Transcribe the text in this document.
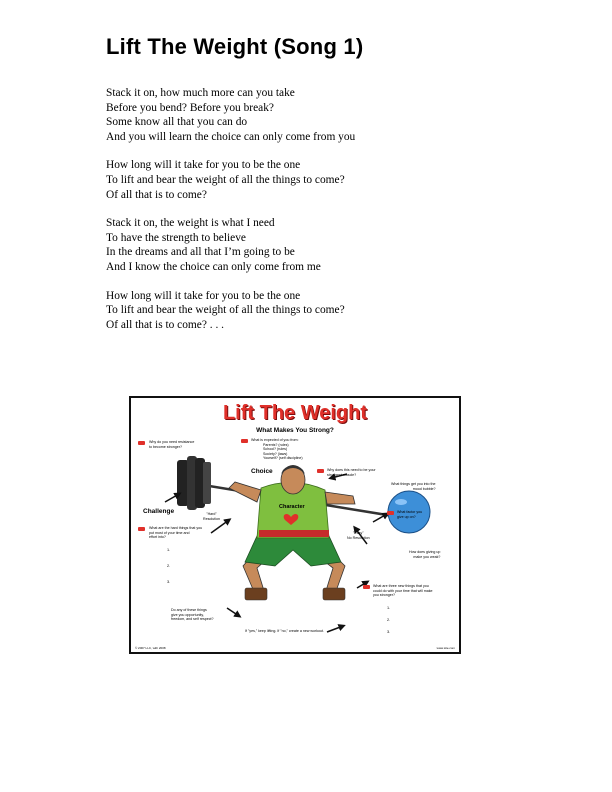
Lift The Weight (Song 1)

Stack it on, how much more can you take
Before you bend? Before you break?
Some know all that you can do
And you will learn the choice can only come from you

How long will it take for you to be the one
To lift and bear the weight of all the things to come?
Of all that is to come?

Stack it on, the weight is what I need
To have the strength to believe
In the dreams and all that I’m going to be
And I know the choice can only come from me

How long will it take for you to be the one
To lift and bear the weight of all the things to come?
Of all that is to come? . . .

Lift The Weight
What Makes You Strong?
Why do you need resistance
to become stronger?
What is expected of you from:
Parents? (rules)
School? (rules)
Society? (laws)
Yourself? (self discipline)
Choice	Why does this need to be your
strongest muscle?
What things get you into the
mood bubble?
Challenge	"Hard"
Resolution
Character
"Easy"
No Resolution
What factor you
give up on?
How does giving up
make you weak?
What are the hard things that you
put most of your time and
effort into?
1.
2.
3.
What are three new things that you
could do with your time that will make
you stronger?
1.
2.
3.
Do any of these things
give you opportunity,
freedom, and self respect?
If "yes," keep lifting. If "no," create a new workout.
© 2007 LLC, with 2008	www.site.com
